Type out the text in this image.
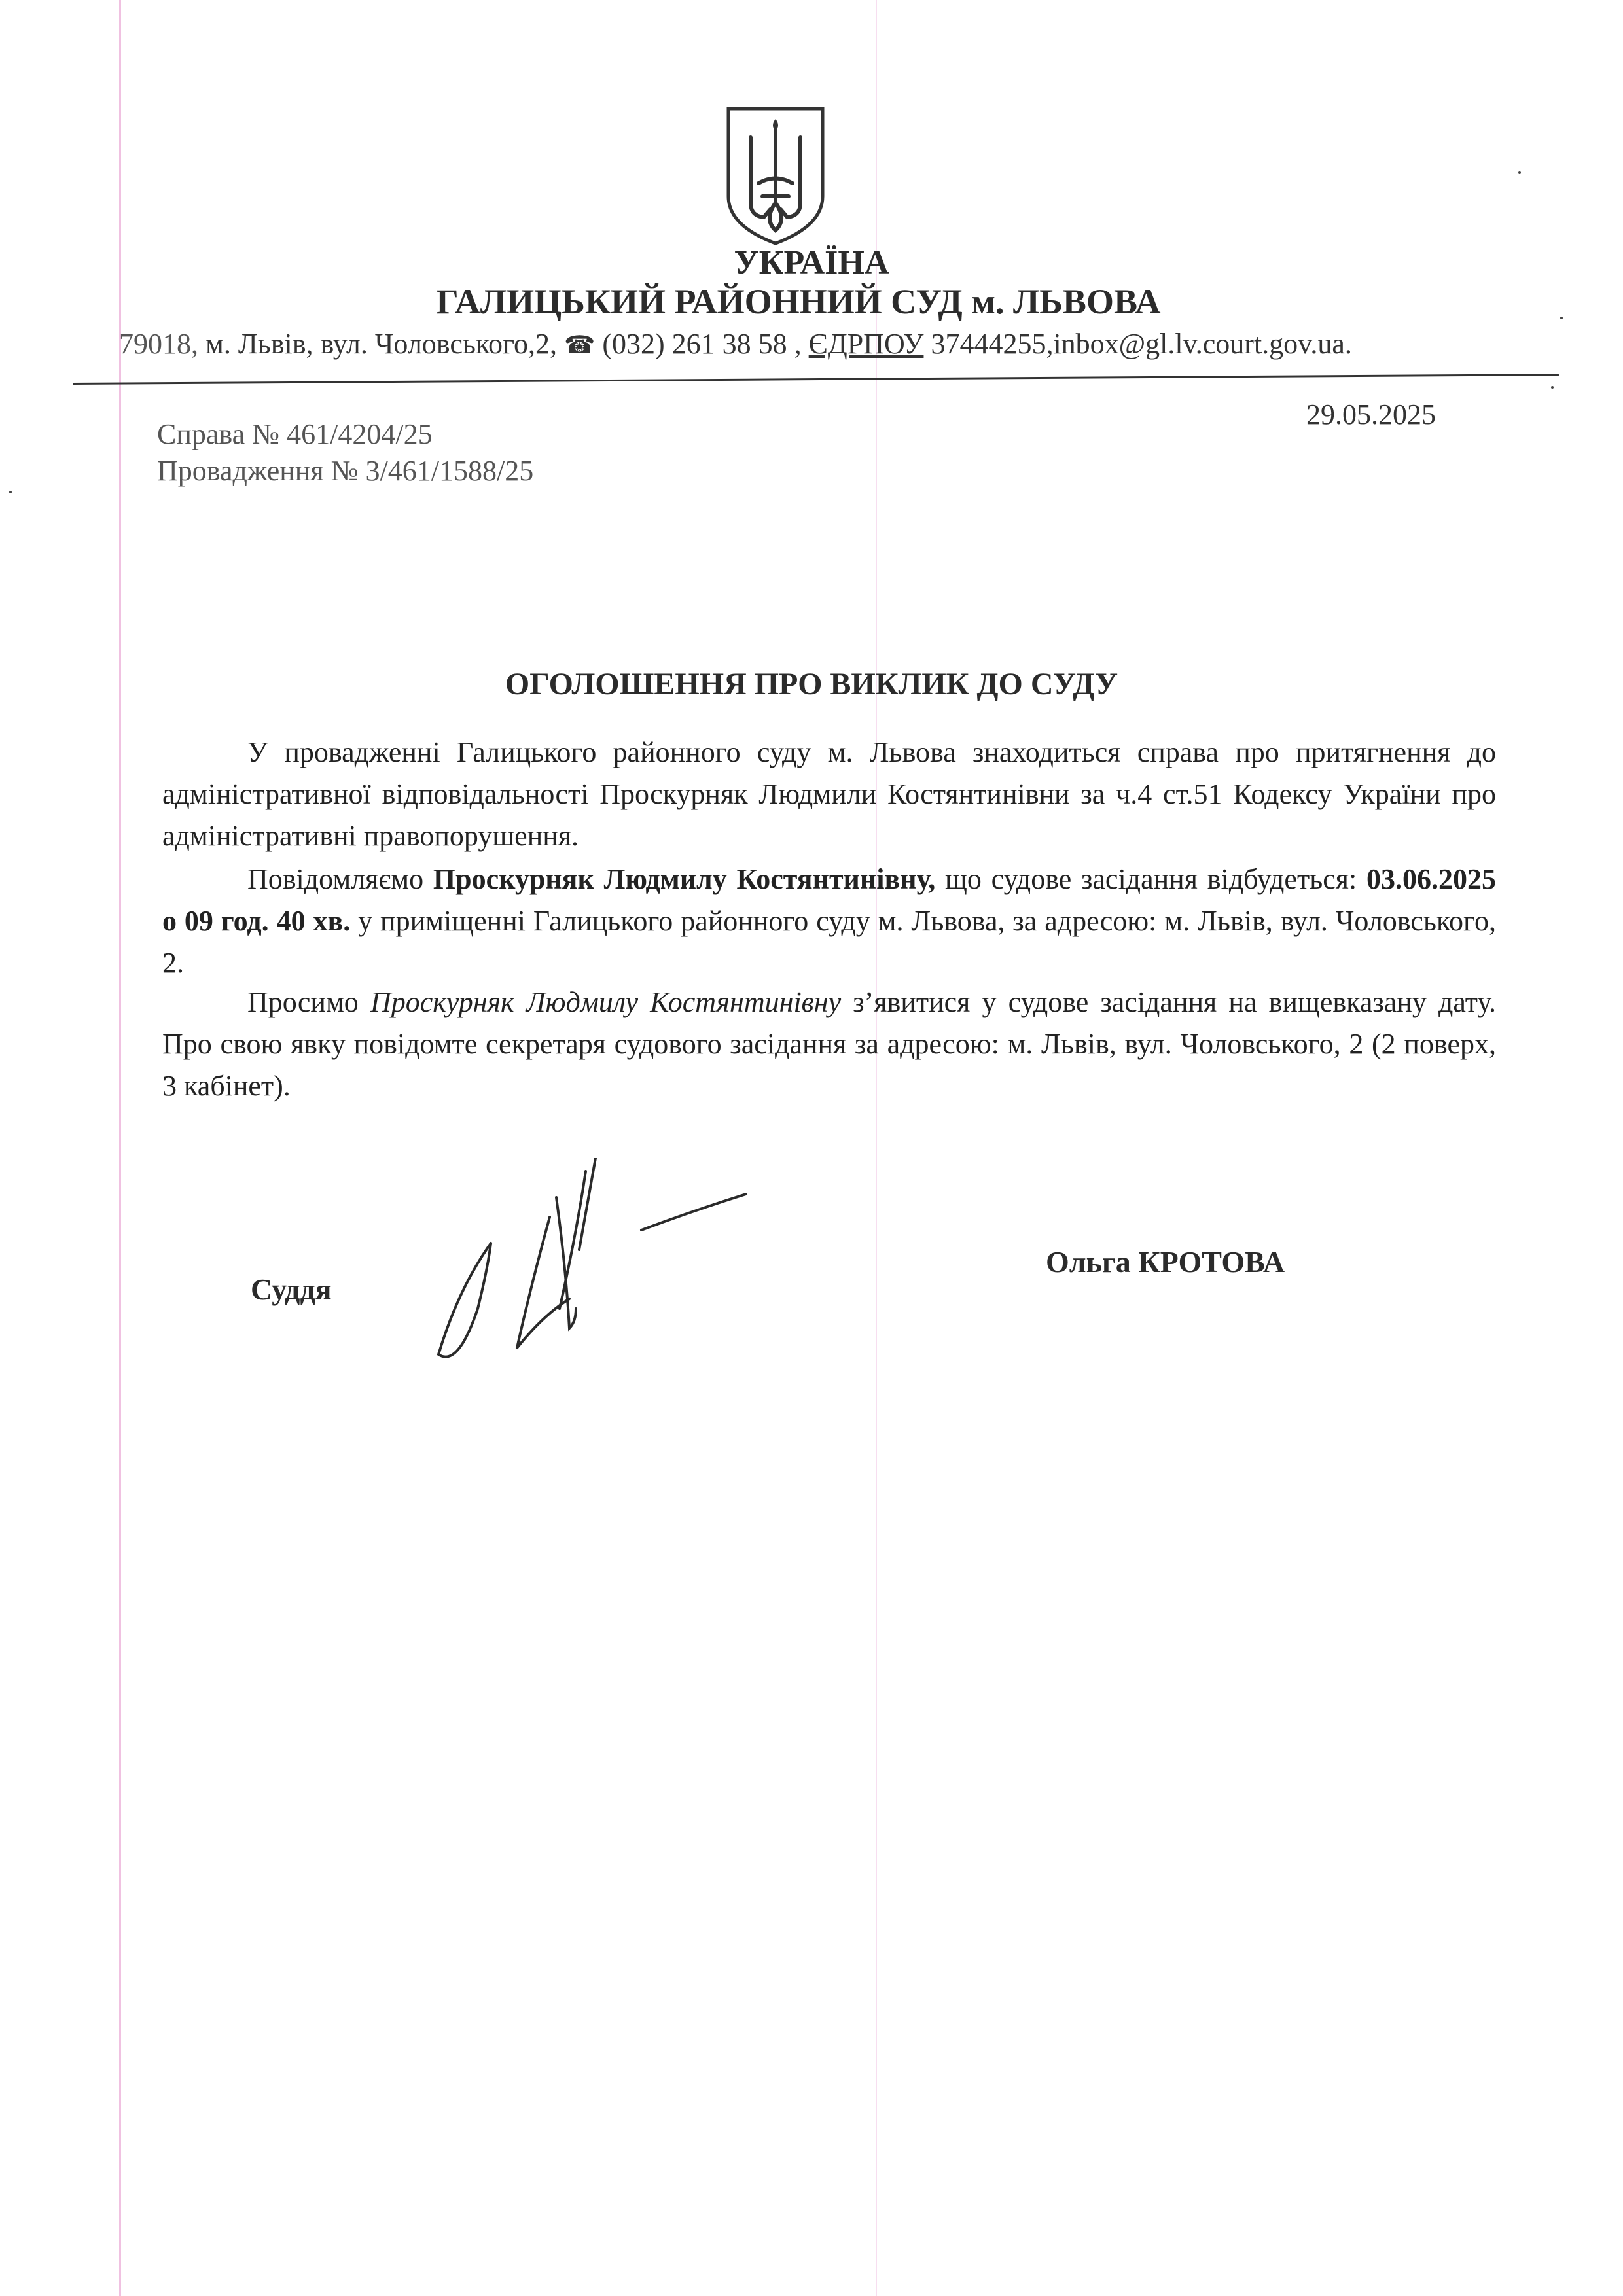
УКРАЇНА
ГАЛИЦЬКИЙ РАЙОННИЙ СУД м. ЛЬВОВА
79018, м. Львів, вул. Чоловського,2, ☎ (032) 261 38 58 , ЄДРПОУ 37444255,inbox@gl.lv.court.gov.ua.
29.05.2025
Справа № 461/4204/25
Провадження № 3/461/1588/25
ОГОЛОШЕННЯ ПРО ВИКЛИК ДО СУДУ
У провадженні Галицького районного суду м. Львова знаходиться справа про притягнення до адміністративної відповідальності Проскурняк Людмили Костянтинівни за ч.4 ст.51 Кодексу України про адміністративні правопорушення.
Повідомляємо Проскурняк Людмилу Костянтинівну, що судове засідання відбудеться: 03.06.2025 о 09 год. 40 хв. у приміщенні Галицького районного суду м. Львова, за адресою: м. Львів, вул. Чоловського, 2.
Просимо Проскурняк Людмилу Костянтинівну з’явитися у судове засідання на вищевказану дату. Про свою явку повідомте секретаря судового засідання за адресою: м. Львів, вул. Чоловського, 2 (2 поверх, 3 кабінет).
Суддя
Ольга КРОТОВА
